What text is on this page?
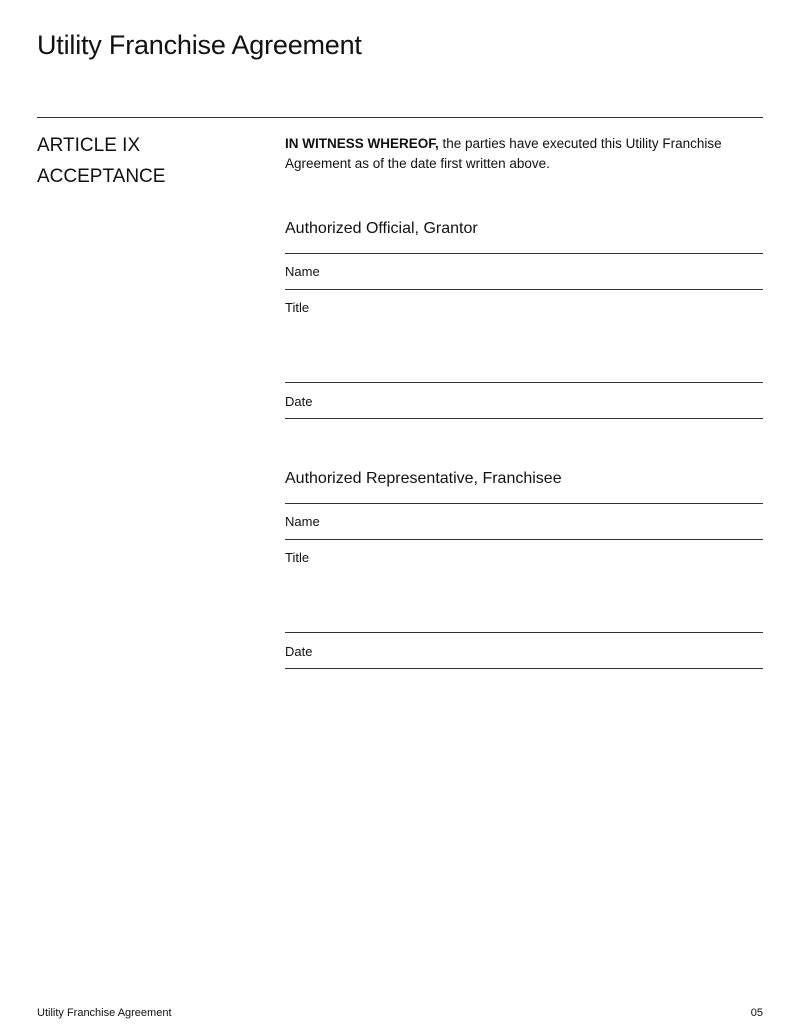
Utility Franchise Agreement
ARTICLE IX
ACCEPTANCE

IN WITNESS WHEREOF, the parties have executed this Utility Franchise Agreement as of the date first written above.

Authorized Official, Grantor
Name
Title
Date
Authorized Representative, Franchisee
Name
Title
Date
Utility Franchise Agreement	05
